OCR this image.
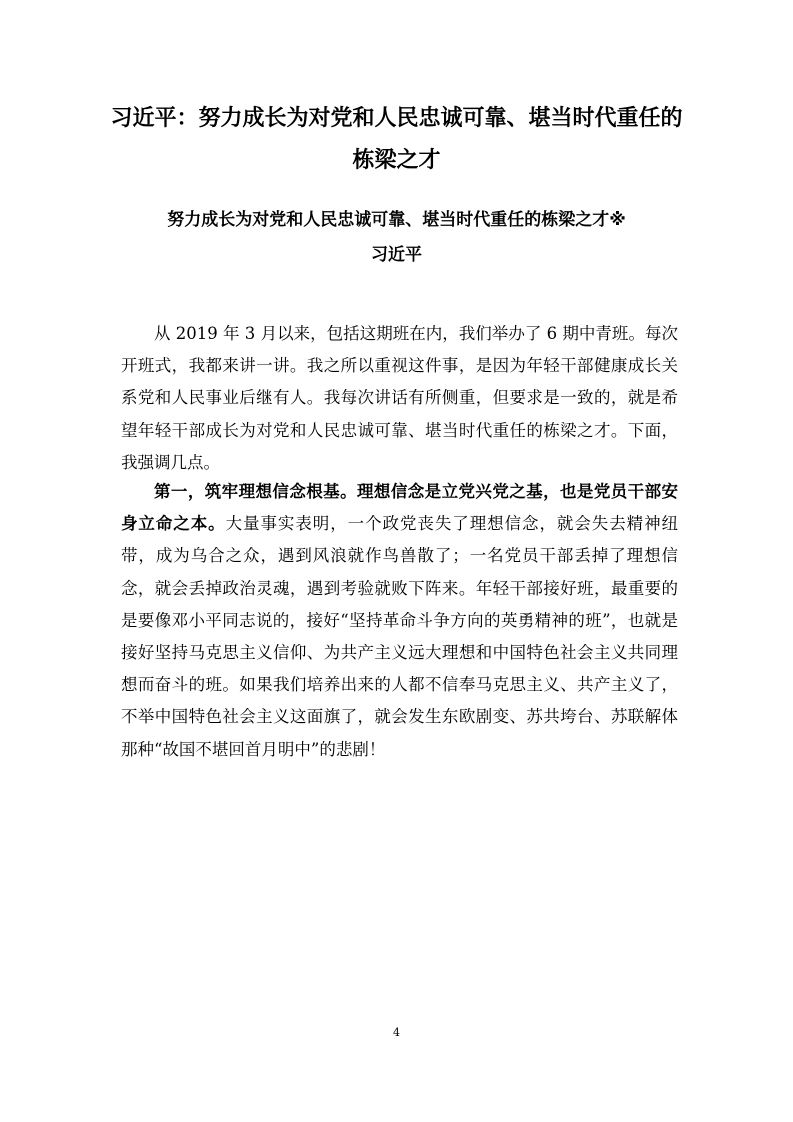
习近平：努力成长为对党和人民忠诚可靠、堪当时代重任的
栋梁之才
努力成长为对党和人民忠诚可靠、堪当时代重任的栋梁之才※
习近平

从 2019 年 3 月以来，包括这期班在内，我们举办了 6 期中青班。每次开班式，我都来讲一讲。我之所以重视这件事，是因为年轻干部健康成长关系党和人民事业后继有人。我每次讲话有所侧重，但要求是一致的，就是希望年轻干部成长为对党和人民忠诚可靠、堪当时代重任的栋梁之才。下面，我强调几点。

第一，筑牢理想信念根基。理想信念是立党兴党之基，也是党员干部安身立命之本。大量事实表明，一个政党丧失了理想信念，就会失去精神纽带，成为乌合之众，遇到风浪就作鸟兽散了；一名党员干部丢掉了理想信念，就会丢掉政治灵魂，遇到考验就败下阵来。年轻干部接好班，最重要的是要像邓小平同志说的，接好“坚持革命斗争方向的英勇精神的班”，也就是接好坚持马克思主义信仰、为共产主义远大理想和中国特色社会主义共同理想而奋斗的班。如果我们培养出来的人都不信奉马克思主义、共产主义了，不举中国特色社会主义这面旗了，就会发生东欧剧变、苏共垮台、苏联解体那种“故国不堪回首月明中”的悲剧！

4
